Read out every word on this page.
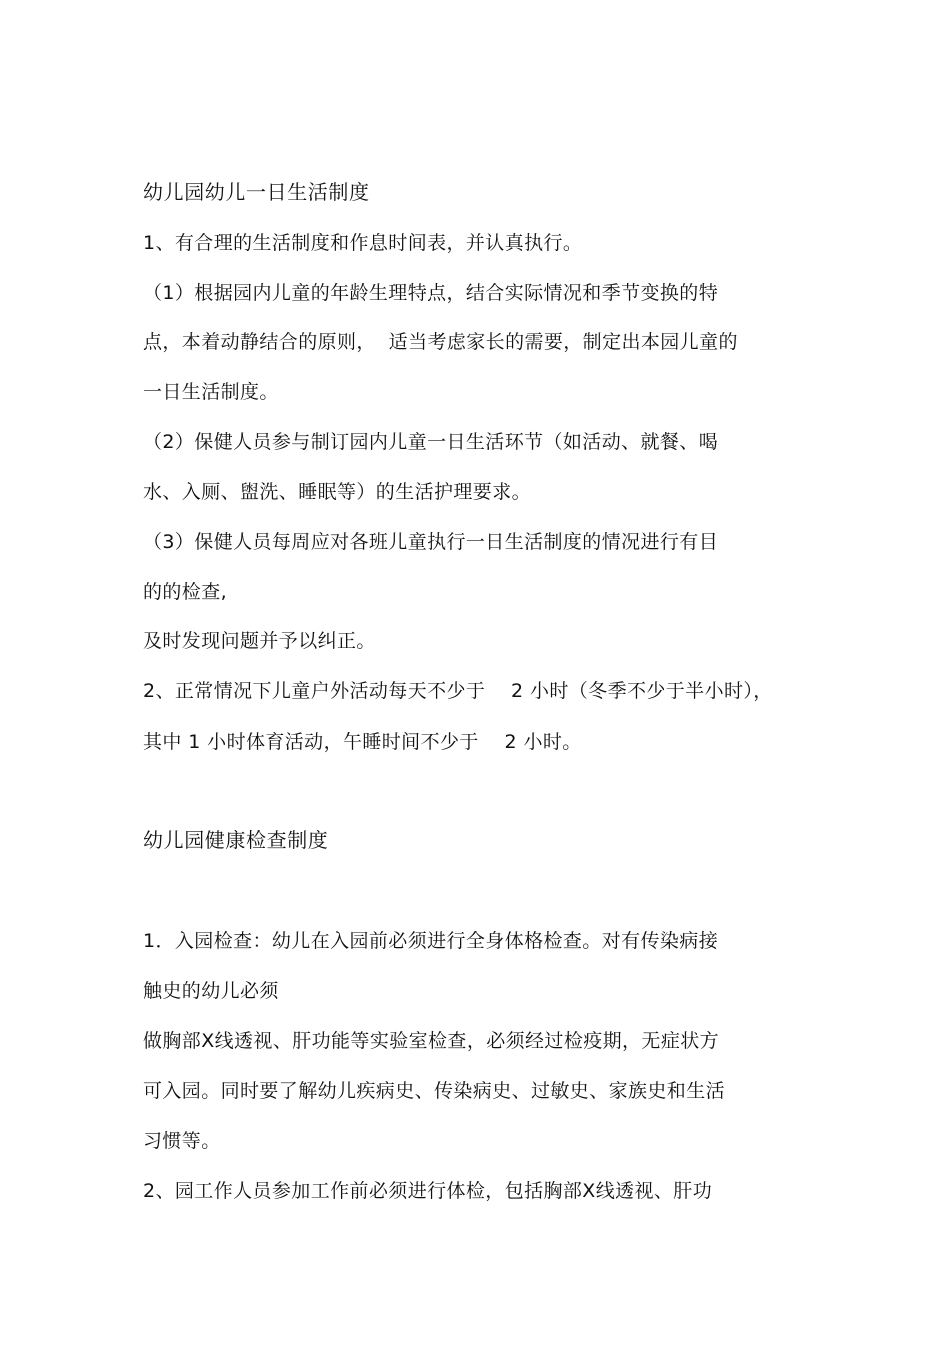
幼儿园幼儿一日生活制度
1、有合理的生活制度和作息时间表，并认真执行。
（1）根据园内儿童的年龄生理特点，结合实际情况和季节变换的特
点，本着动静结合的原则，  适当考虑家长的需要，制定出本园儿童的
一日生活制度。
（2）保健人员参与制订园内儿童一日生活环节（如活动、就餐、喝
水、入厕、盥洗、睡眠等）的生活护理要求。
（3）保健人员每周应对各班儿童执行一日生活制度的情况进行有目
的的检查,
及时发现问题并予以纠正。
2、正常情况下儿童户外活动每天不少于    2 小时（冬季不少于半小时），
其中 1 小时体育活动，午睡时间不少于    2 小时。
幼儿园健康检查制度
1．入园检查：幼儿在入园前必须进行全身体格检查。对有传染病接
触史的幼儿必须
做胸部X线透视、肝功能等实验室检查，必须经过检疫期，无症状方
可入园。同时要了解幼儿疾病史、传染病史、过敏史、家族史和生活
习惯等。
2、园工作人员参加工作前必须进行体检，包括胸部X线透视、肝功
